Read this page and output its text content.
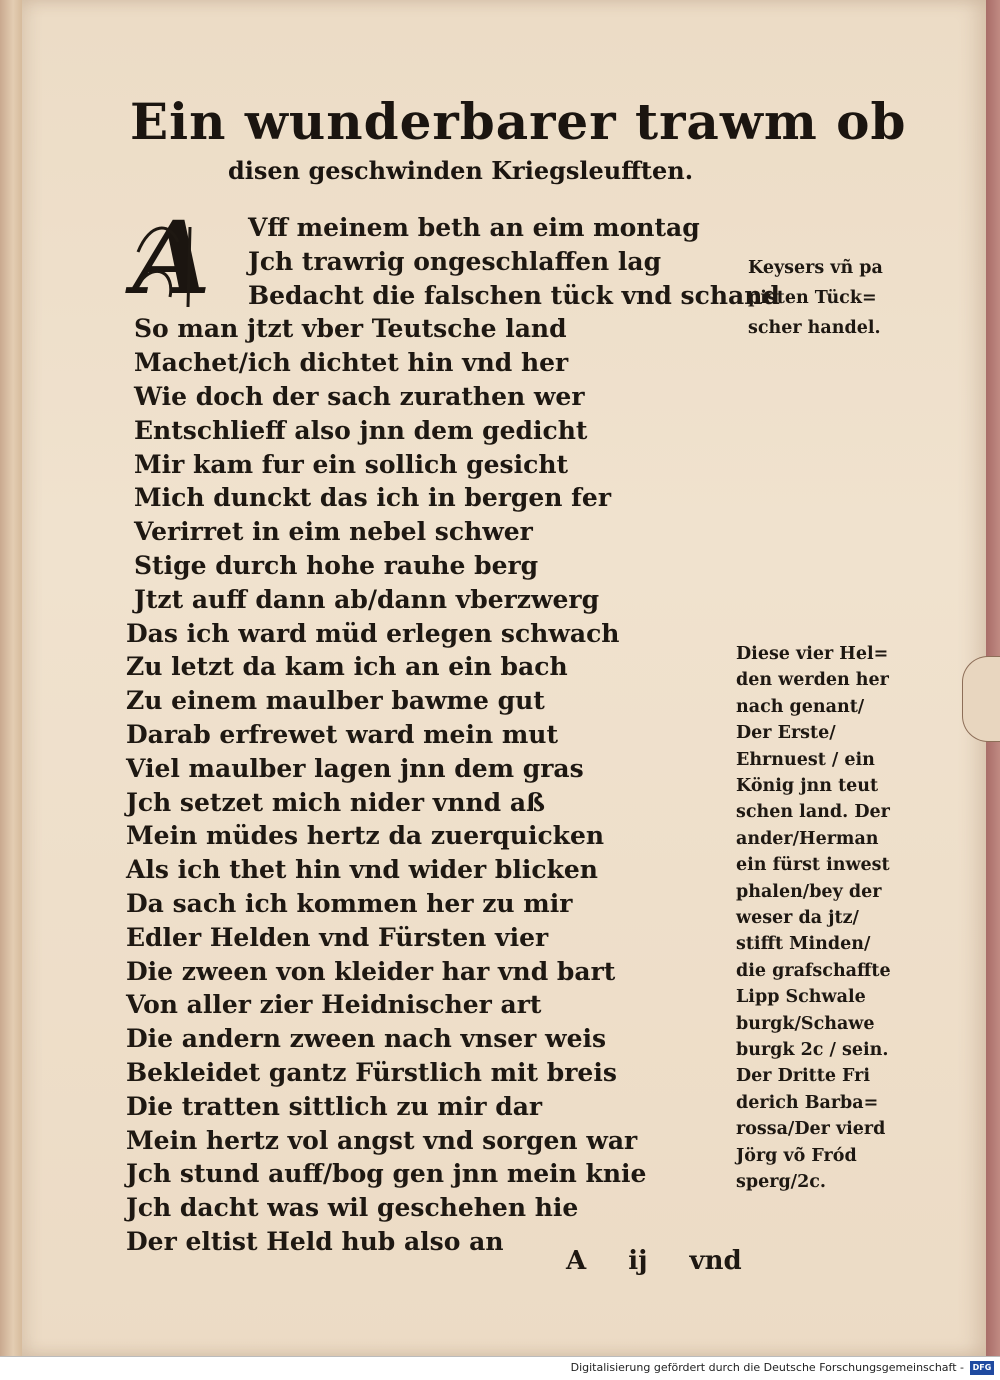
Ein wunderbarer trawm ob
disen geschwinden Kriegsleufften.
A	Vff meinem beth an eim montag
Jch trawrig ongeschlaffen lag
Bedacht die falschen tück vnd schand
So man jtzt vber Teutsche land
Machet/ich dichtet hin vnd her
Wie doch der sach zurathen wer
Entschlieff also jnn dem gedicht
Mir kam fur ein sollich gesicht
Mich dunckt das ich in bergen fer
Verirret in eim nebel schwer
Stige durch hohe rauhe berg
Jtzt auff dann ab/dann vberzwerg
Das ich ward müd erlegen schwach
Zu letzt da kam ich an ein bach
Zu einem maulber bawme gut
Darab erfrewet ward mein mut
Viel maulber lagen jnn dem gras
Jch setzet mich nider vnnd aß
Mein müdes hertz da zuerquicken
Als ich thet hin vnd wider blicken
Da sach ich kommen her zu mir
Edler Helden vnd Fürsten vier
Die zween von kleider har vnd bart
Von aller zier Heidnischer art
Die andern zween nach vnser weis
Bekleidet gantz Fürstlich mit breis
Die tratten sittlich zu mir dar
Mein hertz vol angst vnd sorgen war
Jch stund auff/bog gen jnn mein knie
Jch dacht was wil geschehen hie
Der eltist Held hub also an
Keysers vñ pa
pisten Tück=
scher handel.
Diese vier Hel=
den werden her
nach genant/
Der Erste/
Ehrnuest / ein
König jnn teut
schen land. Der
ander/Herman
ein fürst inwest
phalen/bey der
weser da jtz/
stifft Minden/
die grafschaffte
Lipp Schwale
burgk/Schawe
burgk 2c / sein.
Der Dritte Fri
derich Barba=
rossa/Der vierd
Jörg võ Fród
sperg/2c.
A ij vnd
Digitalisierung gefördert durch die Deutsche Forschungsgemeinschaft -	DFG
